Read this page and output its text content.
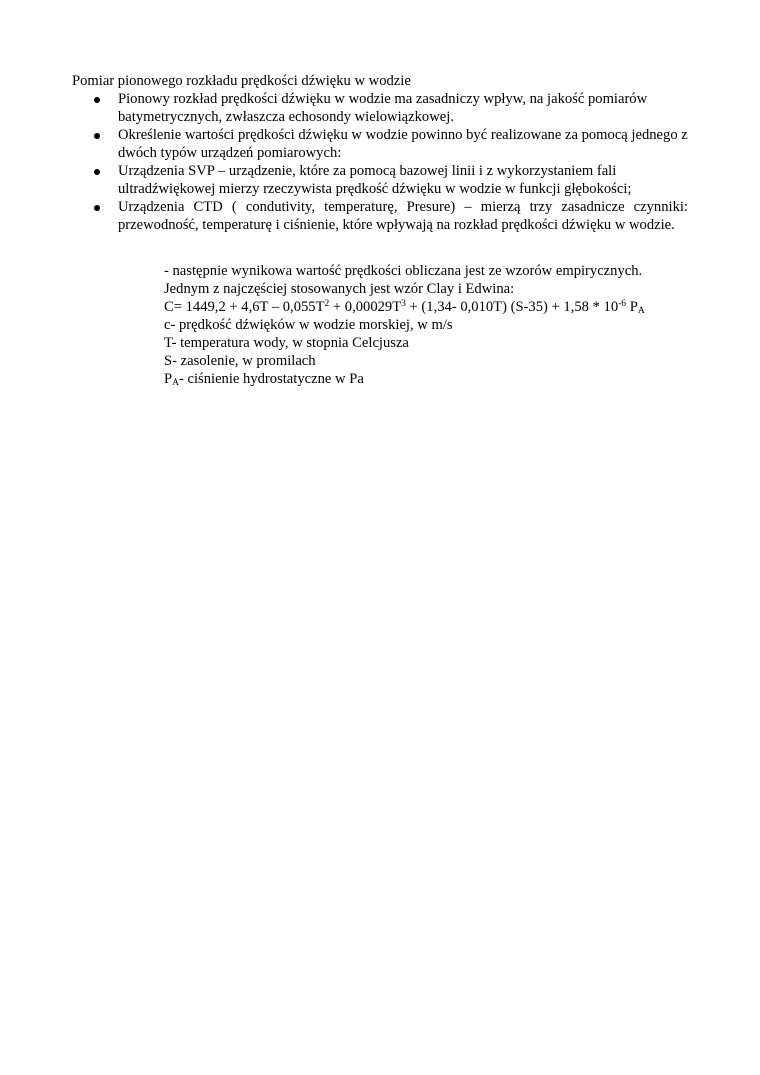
Pomiar pionowego rozkładu prędkości dźwięku w wodzie
Pionowy rozkład prędkości dźwięku w wodzie ma zasadniczy wpływ, na jakość pomiarów batymetrycznych, zwłaszcza echosondy wielowiązkowej.
Określenie wartości prędkości dźwięku w wodzie powinno być realizowane za pomocą jednego z dwóch typów urządzeń pomiarowych:
Urządzenia SVP – urządzenie, które za pomocą bazowej linii i z wykorzystaniem fali ultradźwiękowej mierzy rzeczywista prędkość dźwięku w wodzie w funkcji głębokości;
Urządzenia CTD ( condutivity, temperaturę, Presure) – mierzą trzy zasadnicze czynniki: przewodność, temperaturę i ciśnienie, które wpływają na rozkład prędkości dźwięku w wodzie.
- następnie wynikowa wartość prędkości obliczana jest ze wzorów empirycznych.
Jednym z najczęściej stosowanych jest wzór Clay i Edwina:
$C= 1449,2 + 4,6T - 0,055T^2 + 0,00029T^3 + (1,34-$ 0,010T) $(S-35) + 1,58 * 10^{-6}$ $P_A$
c- prędkość dźwięków w wodzie morskiej, w m/s
T- temperatura wody, w stopnia Celcjusza
S- zasolenie, w promilach
$P_A-$ ciśnienie hydrostatyczne w Pa
